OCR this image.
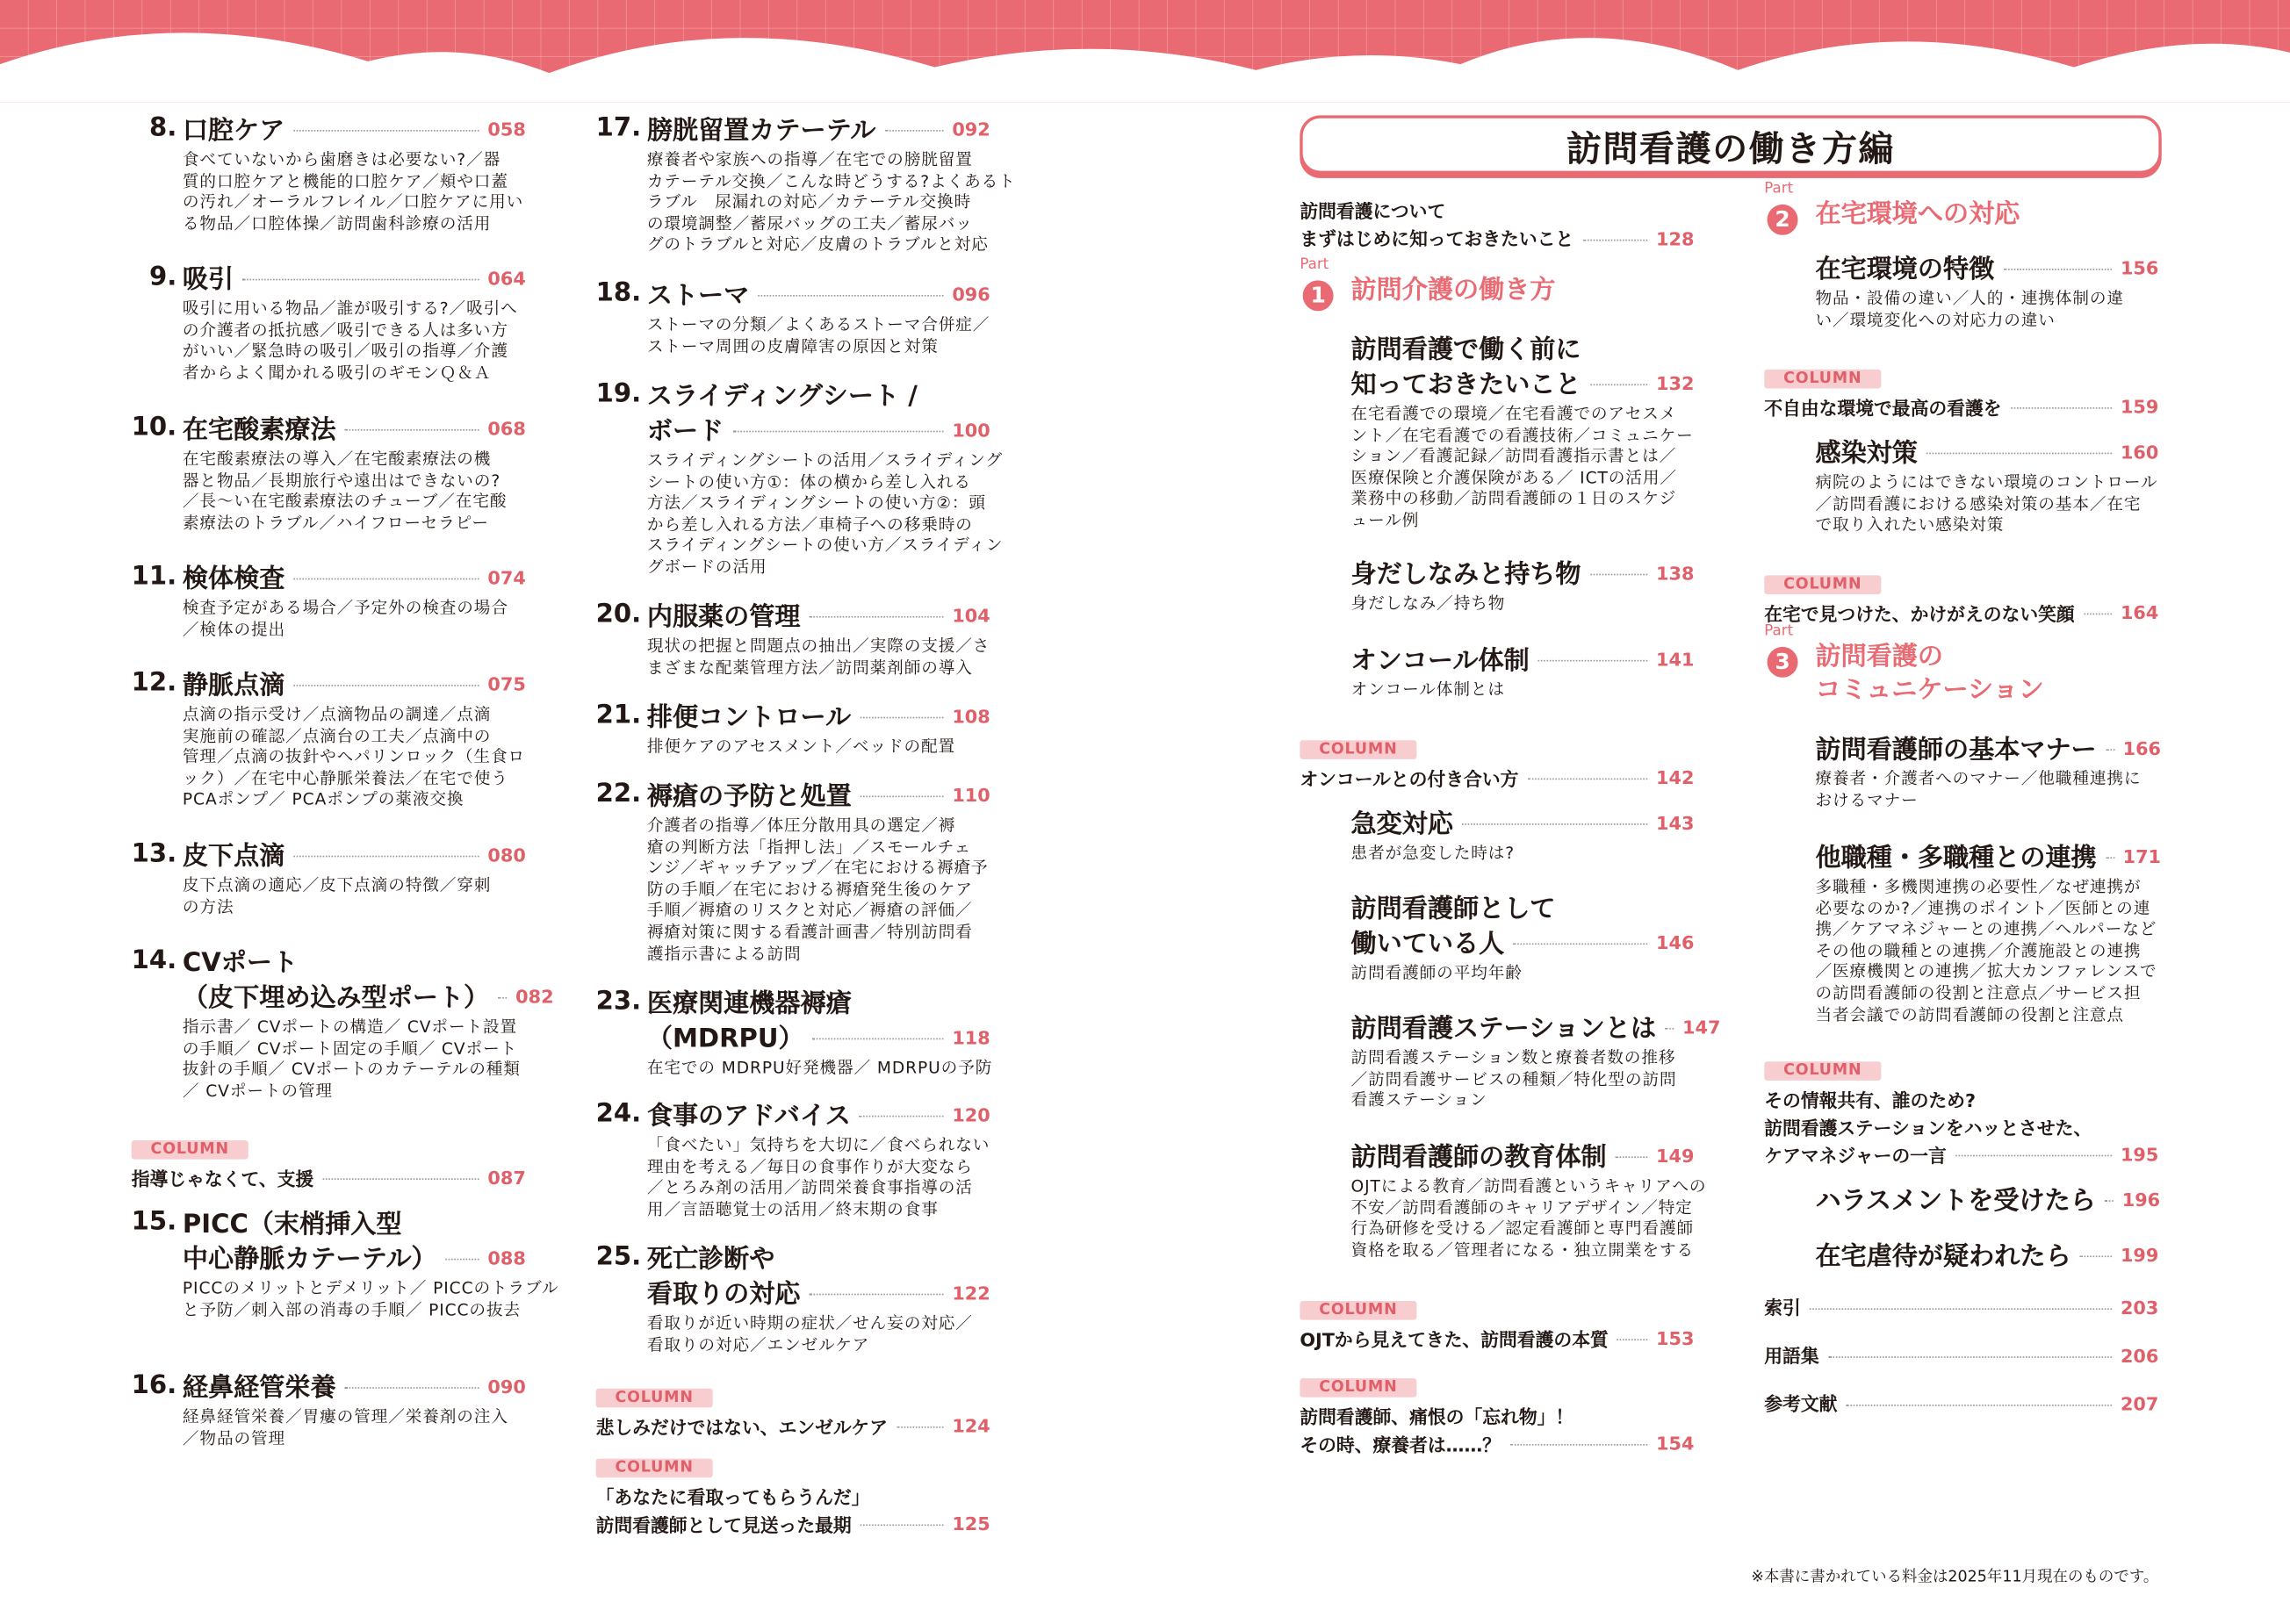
訪問看護の働き方編
8. 口腔ケア	058
食べていないから歯磨きは必要ない?／器
質的口腔ケアと機能的口腔ケア／頬や口蓋
の汚れ／オーラルフレイル／口腔ケアに用い
る物品／口腔体操／訪問歯科診療の活用
9. 吸引	064
吸引に用いる物品／誰が吸引する?／吸引へ
の介護者の抵抗感／吸引できる人は多い方
がいい／緊急時の吸引／吸引の指導／介護
者からよく聞かれる吸引のギモンＱ＆Ａ
10. 在宅酸素療法	068
在宅酸素療法の導入／在宅酸素療法の機
器と物品／長期旅行や遠出はできないの?
／長〜い在宅酸素療法のチューブ／在宅酸
素療法のトラブル／ハイフローセラピー
11. 検体検査	074
検査予定がある場合／予定外の検査の場合
／検体の提出
12. 静脈点滴	075
点滴の指示受け／点滴物品の調達／点滴
実施前の確認／点滴台の工夫／点滴中の
管理／点滴の抜針やヘパリンロック（生食ロ
ック）／在宅中心静脈栄養法／在宅で使う
PCAポンプ／ PCAポンプの薬液交換
13. 皮下点滴	080
皮下点滴の適応／皮下点滴の特徴／穿刺
の方法
14. CVポート
（皮下埋め込み型ポート） 082
指示書／ CVポートの構造／ CVポート設置
の手順／ CVポート固定の手順／ CVポート
抜針の手順／ CVポートのカテーテルの種類
／ CVポートの管理
COLUMN
指導じゃなくて、支援	087
15. PICC（末梢挿入型
中心静脈カテーテル）	088
PICCのメリットとデメリット／ PICCのトラブル
と予防／刺入部の消毒の手順／ PICCの抜去
16. 経鼻経管栄養	090
経鼻経管栄養／胃瘻の管理／栄養剤の注入
／物品の管理
17. 膀胱留置カテーテル	092
療養者や家族への指導／在宅での膀胱留置
カテーテル交換／こんな時どうする?よくあるト
ラブル　尿漏れの対応／カテーテル交換時
の環境調整／蓄尿バッグの工夫／蓄尿バッ
グのトラブルと対応／皮膚のトラブルと対応
18. ストーマ	096
ストーマの分類／よくあるストーマ合併症／
ストーマ周囲の皮膚障害の原因と対策
19. スライディングシート /
ボード	100
スライディングシートの活用／スライディング
シートの使い方①：体の横から差し入れる
方法／スライディングシートの使い方②：頭
から差し入れる方法／車椅子への移乗時の
スライディングシートの使い方／スライディン
グボードの活用
20. 内服薬の管理	104
現状の把握と問題点の抽出／実際の支援／さ
まざまな配薬管理方法／訪問薬剤師の導入
21. 排便コントロール	108
排便ケアのアセスメント／ベッドの配置
22. 褥瘡の予防と処置	110
介護者の指導／体圧分散用具の選定／褥
瘡の判断方法「指押し法」／スモールチェ
ンジ／ギャッチアップ／在宅における褥瘡予
防の手順／在宅における褥瘡発生後のケア
手順／褥瘡のリスクと対応／褥瘡の評価／
褥瘡対策に関する看護計画書／特別訪問看
護指示書による訪問
23. 医療関連機器褥瘡
（MDRPU）	118
在宅での MDRPU好発機器／ MDRPUの予防
24. 食事のアドバイス	120
「食べたい」気持ちを大切に／食べられない
理由を考える／毎日の食事作りが大変なら
／とろみ剤の活用／訪問栄養食事指導の活
用／言語聴覚士の活用／終末期の食事
25. 死亡診断や
看取りの対応	122
看取りが近い時期の症状／せん妄の対応／
看取りの対応／エンゼルケア
COLUMN
悲しみだけではない、エンゼルケア	124
COLUMN
「あなたに看取ってもらうんだ」
訪問看護師として見送った最期	125
訪問看護について
まずはじめに知っておきたいこと	128
Part
1	訪問介護の働き方
訪問看護で働く前に
知っておきたいこと	132
在宅看護での環境／在宅看護でのアセスメ
ント／在宅看護での看護技術／コミュニケー
ション／看護記録／訪問看護指示書とは／
医療保険と介護保険がある／ ICTの活用／
業務中の移動／訪問看護師の１日のスケジ
ュール例
身だしなみと持ち物	138
身だしなみ／持ち物
オンコール体制	141
オンコール体制とは
COLUMN
オンコールとの付き合い方	142
急変対応	143
患者が急変した時は?
訪問看護師として
働いている人	146
訪問看護師の平均年齢
訪問看護ステーションとは 147
訪問看護ステーション数と療養者数の推移
／訪問看護サービスの種類／特化型の訪問
看護ステーション
訪問看護師の教育体制	149
OJTによる教育／訪問看護というキャリアへの
不安／訪問看護師のキャリアデザイン／特定
行為研修を受ける／認定看護師と専門看護師
資格を取る／管理者になる・独立開業をする
COLUMN
OJTから見えてきた、訪問看護の本質	153
COLUMN
訪問看護師、痛恨の「忘れ物」！
その時、療養者は……？	154
Part
2	在宅環境への対応
在宅環境の特徴	156
物品・設備の違い／人的・連携体制の違
い／環境変化への対応力の違い
COLUMN
不自由な環境で最高の看護を	159
感染対策	160
病院のようにはできない環境のコントロール
／訪問看護における感染対策の基本／在宅
で取り入れたい感染対策
COLUMN
在宅で見つけた、かけがえのない笑顔	164
Part
3	訪問看護の
コミュニケーション
訪問看護師の基本マナー 166
療養者・介護者へのマナー／他職種連携に
おけるマナー
他職種・多職種との連携 171
多職種・多機関連携の必要性／なぜ連携が
必要なのか?／連携のポイント／医師との連
携／ケアマネジャーとの連携／ヘルパーなど
その他の職種との連携／介護施設との連携
／医療機関との連携／拡大カンファレンスで
の訪問看護師の役割と注意点／サービス担
当者会議での訪問看護師の役割と注意点
COLUMN
その情報共有、誰のため?
訪問看護ステーションをハッとさせた、
ケアマネジャーの一言	195
ハラスメントを受けたら 196
在宅虐待が疑われたら	199
索引	203
用語集	206
参考文献	207
※本書に書かれている料金は2025年11月現在のものです。
